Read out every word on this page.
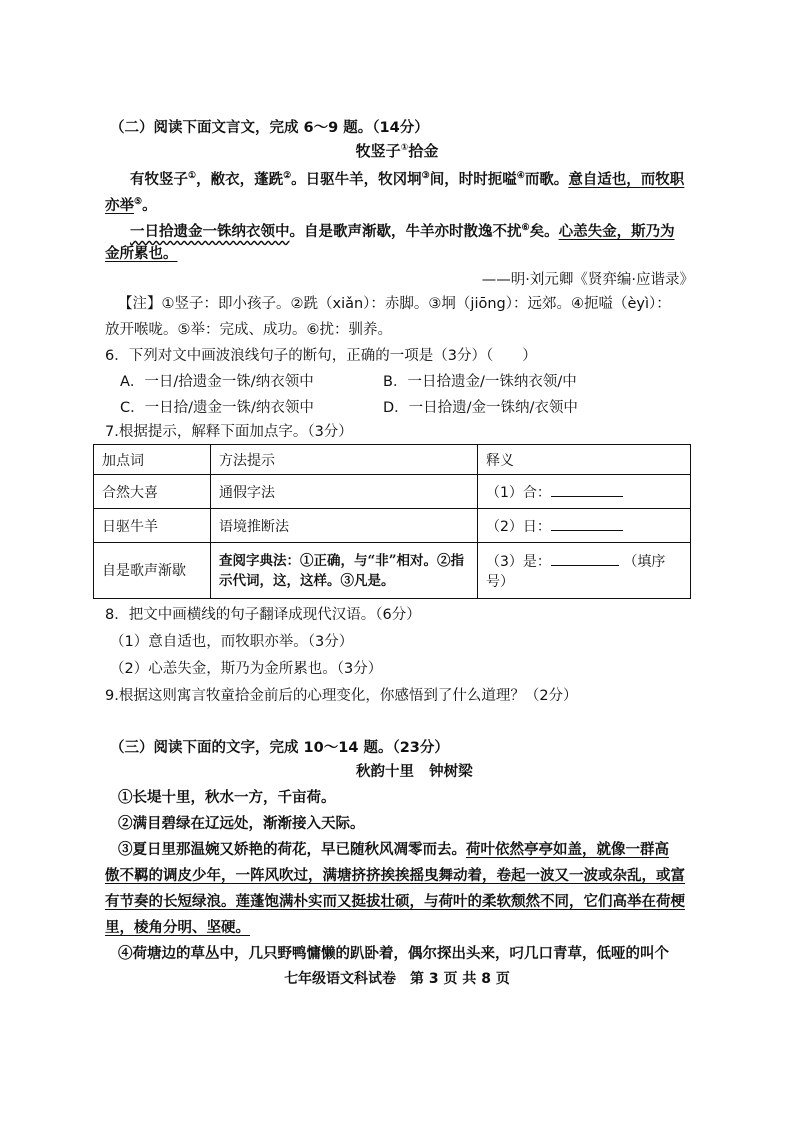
（二）阅读下面文言文，完成 6～9 题。（14分）
牧竖子①拾金
有牧竖子①，敝衣，蓬跣②。日驱牛羊，牧冈坰③间，时时扼嗌④而歌。意自适也，而牧职
亦举⑤。
一日拾遗金一铢纳衣领中。自是歌声渐歇，牛羊亦时散逸不扰⑥矣。心恙失金，斯乃为
金所累也。
——明·刘元卿《贤弈编·应谐录》
【注】①竖子：即小孩子。②跣（xiǎn）：赤脚。③坰（jiōng）：远郊。④扼嗌（èyì）：
放开喉咙。⑤举：完成、成功。⑥扰：驯养。
6．下列对文中画波浪线句子的断句，正确的一项是（3分）（　　）
A．一日/拾遗金一铢/纳衣领中	B．一日拾遗金/一铢纳衣领/中
C．一日拾/遗金一铢/纳衣领中	D．一日拾遗/金一铢纳/衣领中
7.根据提示，解释下面加点字。（3分）
加点词	方法提示	释义
合然大喜	通假字法	（1）合：
日驱牛羊	语境推断法	（2）日：
自是歌声渐歇	查阅字典法：①正确，与“非”相对。②指示代词，这，这样。③凡是。	（3）是： （填序号）
8．把文中画横线的句子翻译成现代汉语。（6分）
（1）意自适也，而牧职亦举。（3分）
（2）心恙失金，斯乃为金所累也。（3分）
9.根据这则寓言牧童拾金前后的心理变化，你感悟到了什么道理？（2分）
（三）阅读下面的文字，完成 10～14 题。（23分）
秋韵十里 钟树梁
①长堤十里，秋水一方，千亩荷。
②满目碧绿在辽远处，渐渐接入天际。
③夏日里那温婉又娇艳的荷花，早已随秋风凋零而去。荷叶依然亭亭如盖，就像一群高
傲不羁的调皮少年，一阵风吹过，满塘挤挤挨挨摇曳舞动着，卷起一波又一波或杂乱，或富
有节奏的长短绿浪。莲蓬饱满朴实而又挺拔壮硕，与荷叶的柔软颓然不同，它们高举在荷梗
里，棱角分明、坚硬。
④荷塘边的草丛中，几只野鸭慵懒的趴卧着，偶尔探出头来，叼几口青草，低哑的叫个
七年级语文科试卷　第 3 页 共 8 页
